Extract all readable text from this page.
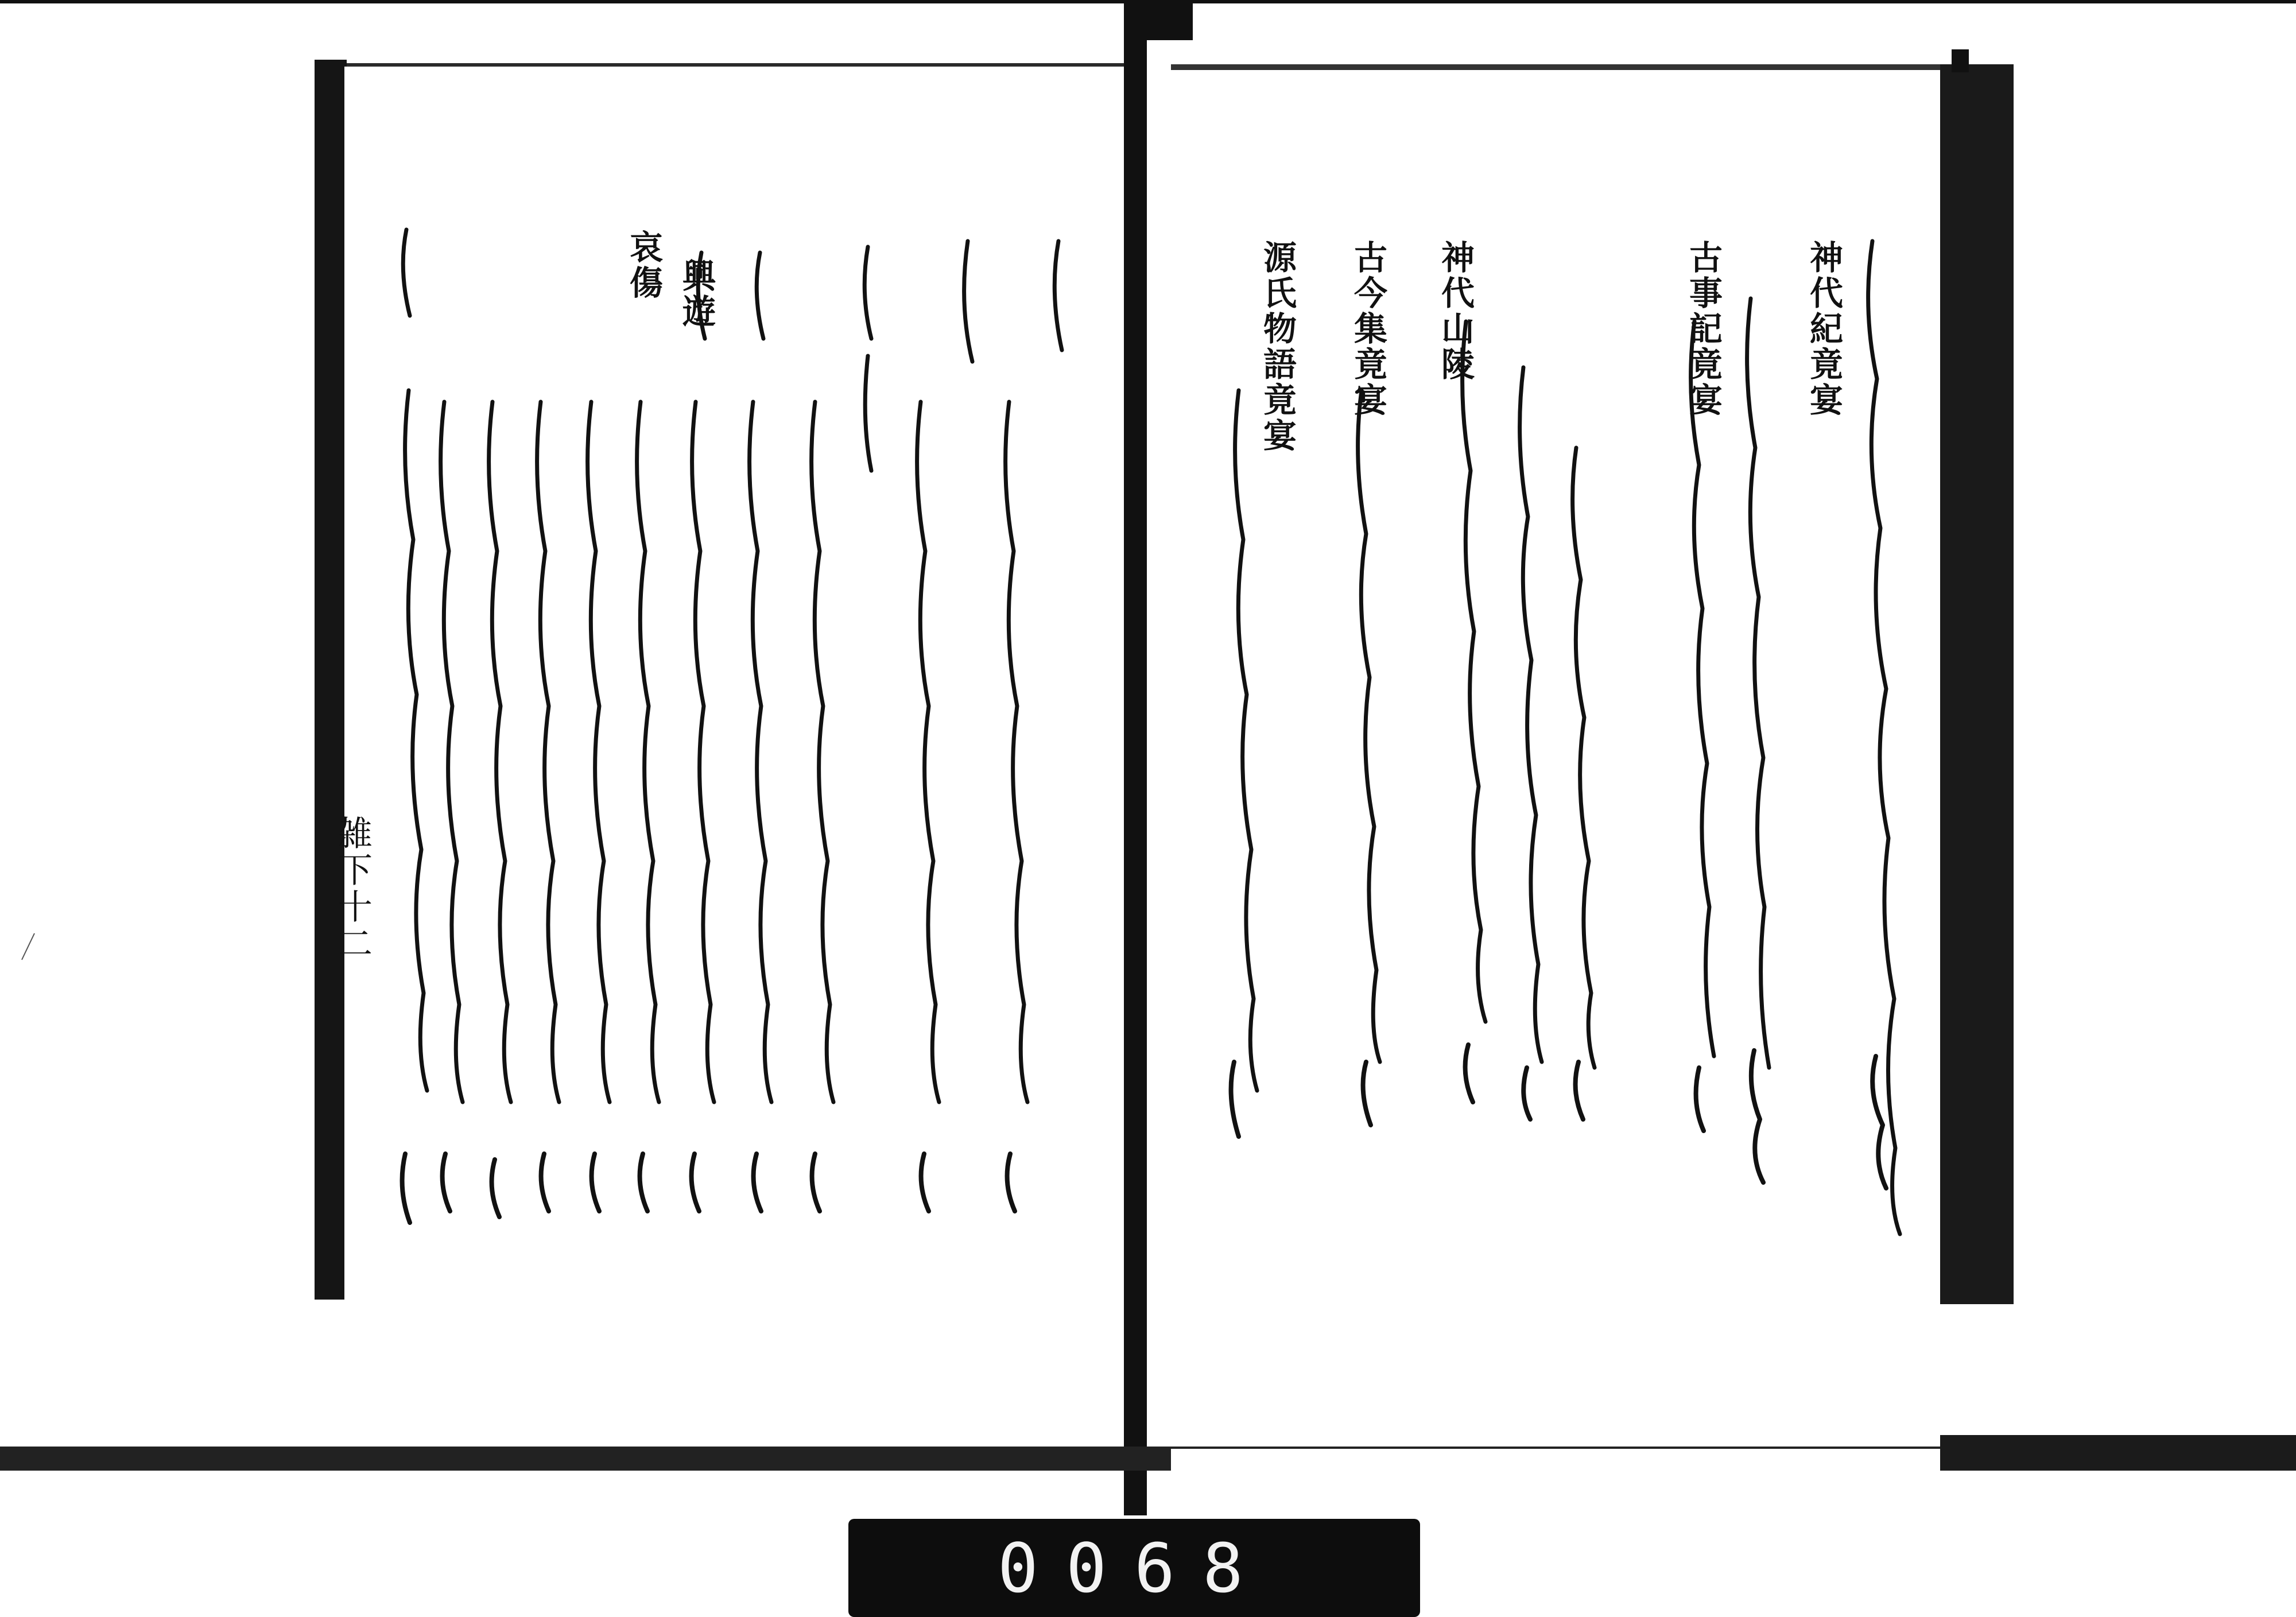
神代紀竟宴
古事記竟宴
神代山陵
古今集竟宴
源氏物語竟宴
興遊
哀傷
雑下十二
0068
